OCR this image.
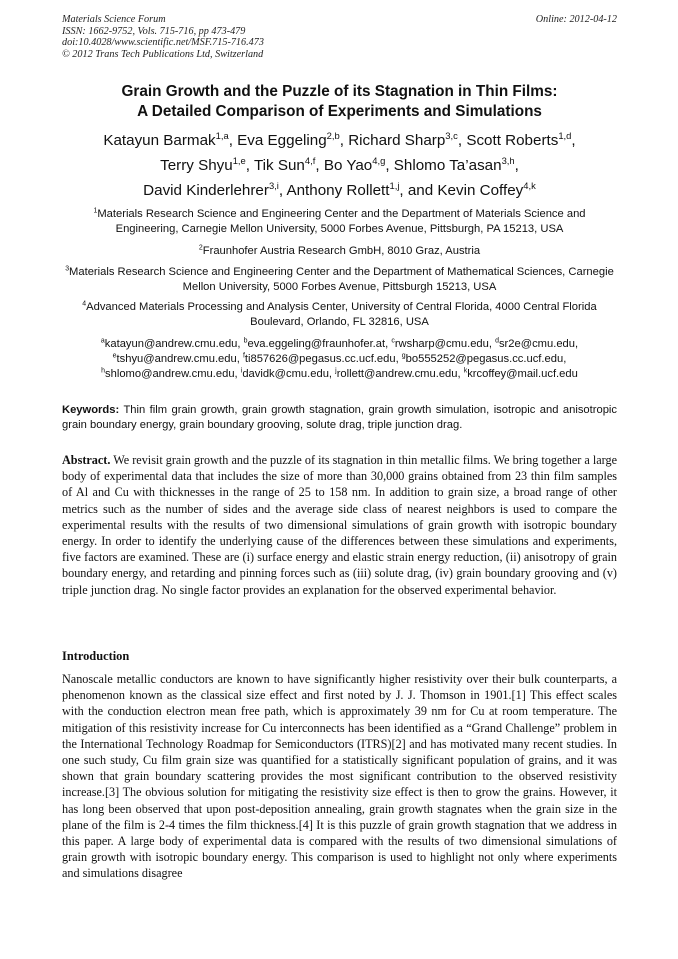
Materials Science Forum
ISSN: 1662-9752, Vols. 715-716, pp 473-479
doi:10.4028/www.scientific.net/MSF.715-716.473
© 2012 Trans Tech Publications Ltd, Switzerland
Online: 2012-04-12
Grain Growth and the Puzzle of its Stagnation in Thin Films:
A Detailed Comparison of Experiments and Simulations
Katayun Barmak$^{1,a}$, Eva Eggeling$^{2,b}$, Richard Sharp$^{3,c}$, Scott Roberts$^{1,d}$,
Terry Shyu$^{1,e}$, Tik Sun$^{4,f}$, Bo Yao$^{4,g}$, Shlomo Ta’asan$^{3,h}$,
David Kinderlehrer$^{3,i}$, Anthony Rollett$^{1,j}$, and Kevin Coffey$^{4,k}$
$^1$Materials Research Science and Engineering Center and the Department of Materials Science and Engineering, Carnegie Mellon University, 5000 Forbes Avenue, Pittsburgh, PA 15213, USA
$^2$Fraunhofer Austria Research GmbH, 8010 Graz, Austria
$^3$Materials Research Science and Engineering Center and the Department of Mathematical Sciences, Carnegie Mellon University, 5000 Forbes Avenue, Pittsburgh 15213, USA
$^4$Advanced Materials Processing and Analysis Center, University of Central Florida, 4000 Central Florida Boulevard, Orlando, FL 32816, USA
$^a$katayun@andrew.cmu.edu, $^b$eva.eggeling@fraunhofer.at, $^c$rwsharp@cmu.edu, $^d$sr2e@cmu.edu,
$^e$tshyu@andrew.cmu.edu, $^f$ti857626@pegasus.cc.ucf.edu, $^g$bo555252@pegasus.cc.ucf.edu,
$^h$shlomo@andrew.cmu.edu, $^i$davidk@cmu.edu, $^j$rollett@andrew.cmu.edu, $^k$krcoffey@mail.ucf.edu
Keywords: Thin film grain growth, grain growth stagnation, grain growth simulation, isotropic and anisotropic grain boundary energy, grain boundary grooving, solute drag, triple junction drag.
Abstract. We revisit grain growth and the puzzle of its stagnation in thin metallic films. We bring together a large body of experimental data that includes the size of more than 30,000 grains obtained from 23 thin film samples of Al and Cu with thicknesses in the range of 25 to 158 nm. In addition to grain size, a broad range of other metrics such as the number of sides and the average side class of nearest neighbors is used to compare the experimental results with the results of two dimensional simulations of grain growth with isotropic boundary energy. In order to identify the underlying cause of the differences between these simulations and experiments, five factors are examined. These are (i) surface energy and elastic strain energy reduction, (ii) anisotropy of grain boundary energy, and retarding and pinning forces such as (iii) solute drag, (iv) grain boundary grooving and (v) triple junction drag. No single factor provides an explanation for the observed experimental behavior.
Introduction
Nanoscale metallic conductors are known to have significantly higher resistivity over their bulk counterparts, a phenomenon known as the classical size effect and first noted by J. J. Thomson in 1901.[1] This effect scales with the conduction electron mean free path, which is approximately 39 nm for Cu at room temperature. The mitigation of this resistivity increase for Cu interconnects has been identified as a “Grand Challenge” problem in the International Technology Roadmap for Semiconductors (ITRS)[2] and has motivated many recent studies. In one such study, Cu film grain size was quantified for a statistically significant population of grains, and it was shown that grain boundary scattering provides the most significant contribution to the observed resistivity increase.[3] The obvious solution for mitigating the resistivity size effect is then to grow the grains. However, it has long been observed that upon post-deposition annealing, grain growth stagnates when the grain size in the plane of the film is 2-4 times the film thickness.[4] It is this puzzle of grain growth stagnation that we address in this paper. A large body of experimental data is compared with the results of two dimensional simulations of grain growth with isotropic boundary energy. This comparison is used to highlight not only where experiments and simulations disagree
